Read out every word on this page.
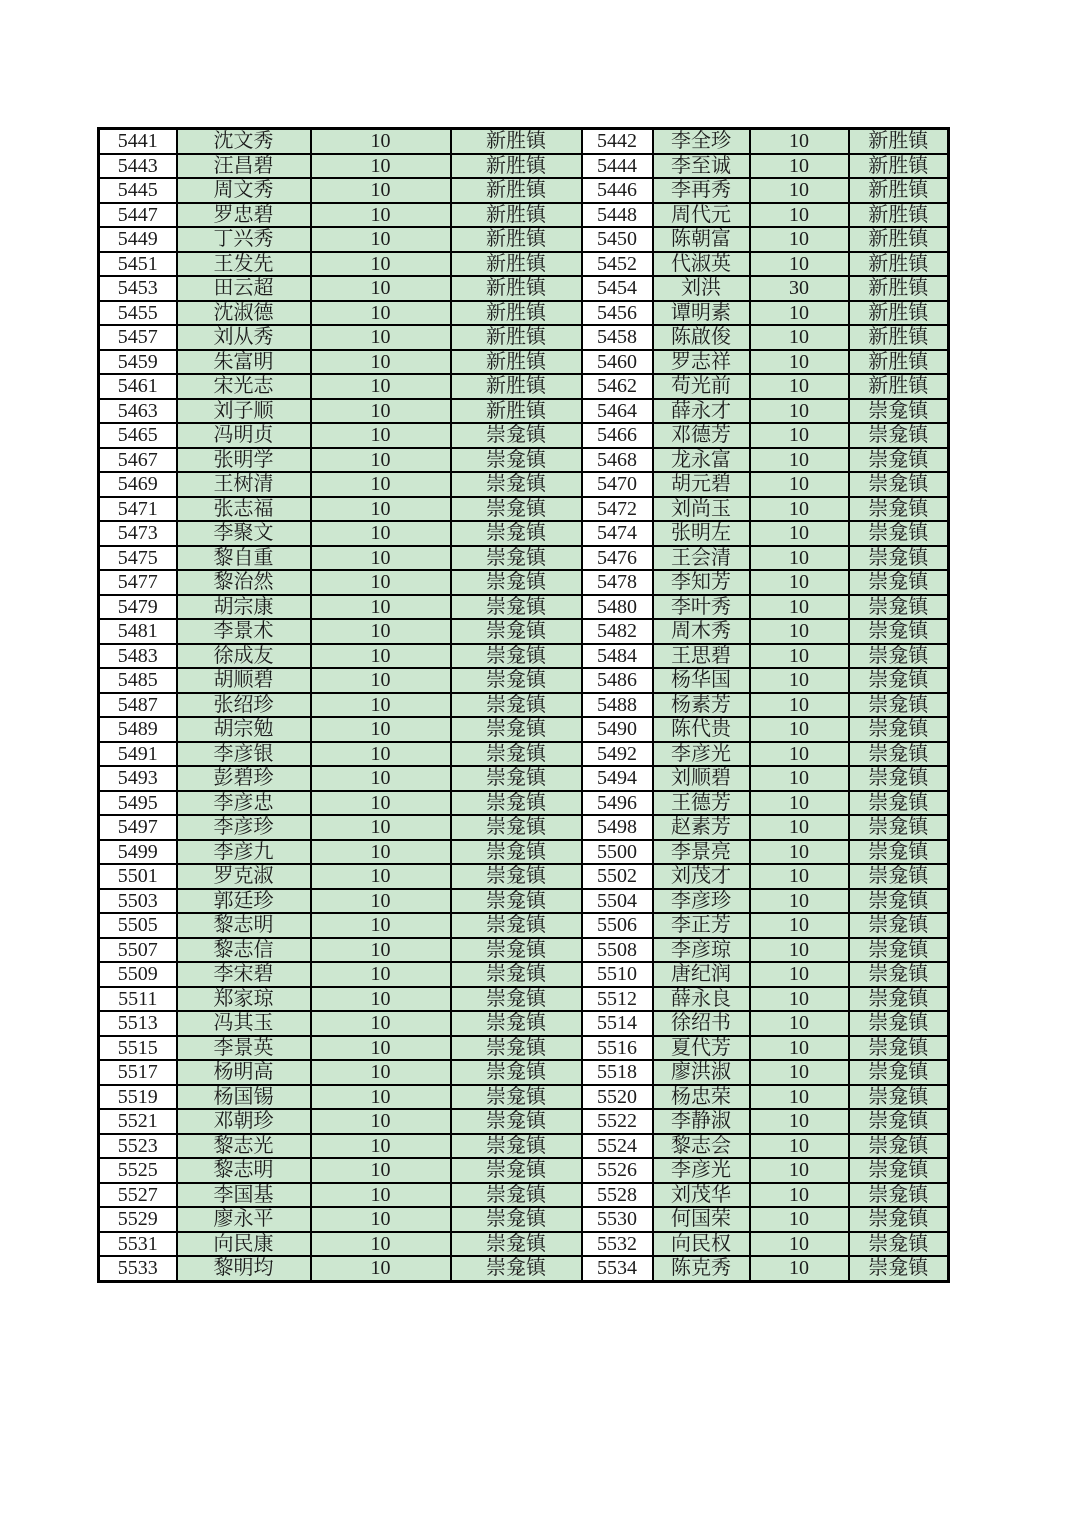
5441	沈文秀	10	新胜镇	5442	李全珍	10	新胜镇
5443	汪昌碧	10	新胜镇	5444	李至诚	10	新胜镇
5445	周文秀	10	新胜镇	5446	李再秀	10	新胜镇
5447	罗忠碧	10	新胜镇	5448	周代元	10	新胜镇
5449	丁兴秀	10	新胜镇	5450	陈朝富	10	新胜镇
5451	王发先	10	新胜镇	5452	代淑英	10	新胜镇
5453	田云超	10	新胜镇	5454	刘洪	30	新胜镇
5455	沈淑德	10	新胜镇	5456	谭明素	10	新胜镇
5457	刘从秀	10	新胜镇	5458	陈啟俊	10	新胜镇
5459	朱富明	10	新胜镇	5460	罗志祥	10	新胜镇
5461	宋光志	10	新胜镇	5462	苟光前	10	新胜镇
5463	刘子顺	10	新胜镇	5464	薛永才	10	崇龛镇
5465	冯明贞	10	崇龛镇	5466	邓德芳	10	崇龛镇
5467	张明学	10	崇龛镇	5468	龙永富	10	崇龛镇
5469	王树清	10	崇龛镇	5470	胡元碧	10	崇龛镇
5471	张志福	10	崇龛镇	5472	刘尚玉	10	崇龛镇
5473	李聚文	10	崇龛镇	5474	张明左	10	崇龛镇
5475	黎自重	10	崇龛镇	5476	王会清	10	崇龛镇
5477	黎治然	10	崇龛镇	5478	李知芳	10	崇龛镇
5479	胡宗康	10	崇龛镇	5480	李叶秀	10	崇龛镇
5481	李景术	10	崇龛镇	5482	周木秀	10	崇龛镇
5483	徐成友	10	崇龛镇	5484	王思碧	10	崇龛镇
5485	胡顺碧	10	崇龛镇	5486	杨华国	10	崇龛镇
5487	张绍珍	10	崇龛镇	5488	杨素芳	10	崇龛镇
5489	胡宗勉	10	崇龛镇	5490	陈代贵	10	崇龛镇
5491	李彦银	10	崇龛镇	5492	李彦光	10	崇龛镇
5493	彭碧珍	10	崇龛镇	5494	刘顺碧	10	崇龛镇
5495	李彦忠	10	崇龛镇	5496	王德芳	10	崇龛镇
5497	李彦珍	10	崇龛镇	5498	赵素芳	10	崇龛镇
5499	李彦九	10	崇龛镇	5500	李景亮	10	崇龛镇
5501	罗克淑	10	崇龛镇	5502	刘茂才	10	崇龛镇
5503	郭廷珍	10	崇龛镇	5504	李彦珍	10	崇龛镇
5505	黎志明	10	崇龛镇	5506	李正芳	10	崇龛镇
5507	黎志信	10	崇龛镇	5508	李彦琼	10	崇龛镇
5509	李宋碧	10	崇龛镇	5510	唐纪润	10	崇龛镇
5511	郑家琼	10	崇龛镇	5512	薛永良	10	崇龛镇
5513	冯其玉	10	崇龛镇	5514	徐绍书	10	崇龛镇
5515	李景英	10	崇龛镇	5516	夏代芳	10	崇龛镇
5517	杨明高	10	崇龛镇	5518	廖洪淑	10	崇龛镇
5519	杨国锡	10	崇龛镇	5520	杨忠荣	10	崇龛镇
5521	邓朝珍	10	崇龛镇	5522	李静淑	10	崇龛镇
5523	黎志光	10	崇龛镇	5524	黎志会	10	崇龛镇
5525	黎志明	10	崇龛镇	5526	李彦光	10	崇龛镇
5527	李国基	10	崇龛镇	5528	刘茂华	10	崇龛镇
5529	廖永平	10	崇龛镇	5530	何国荣	10	崇龛镇
5531	向民康	10	崇龛镇	5532	向民权	10	崇龛镇
5533	黎明均	10	崇龛镇	5534	陈克秀	10	崇龛镇
